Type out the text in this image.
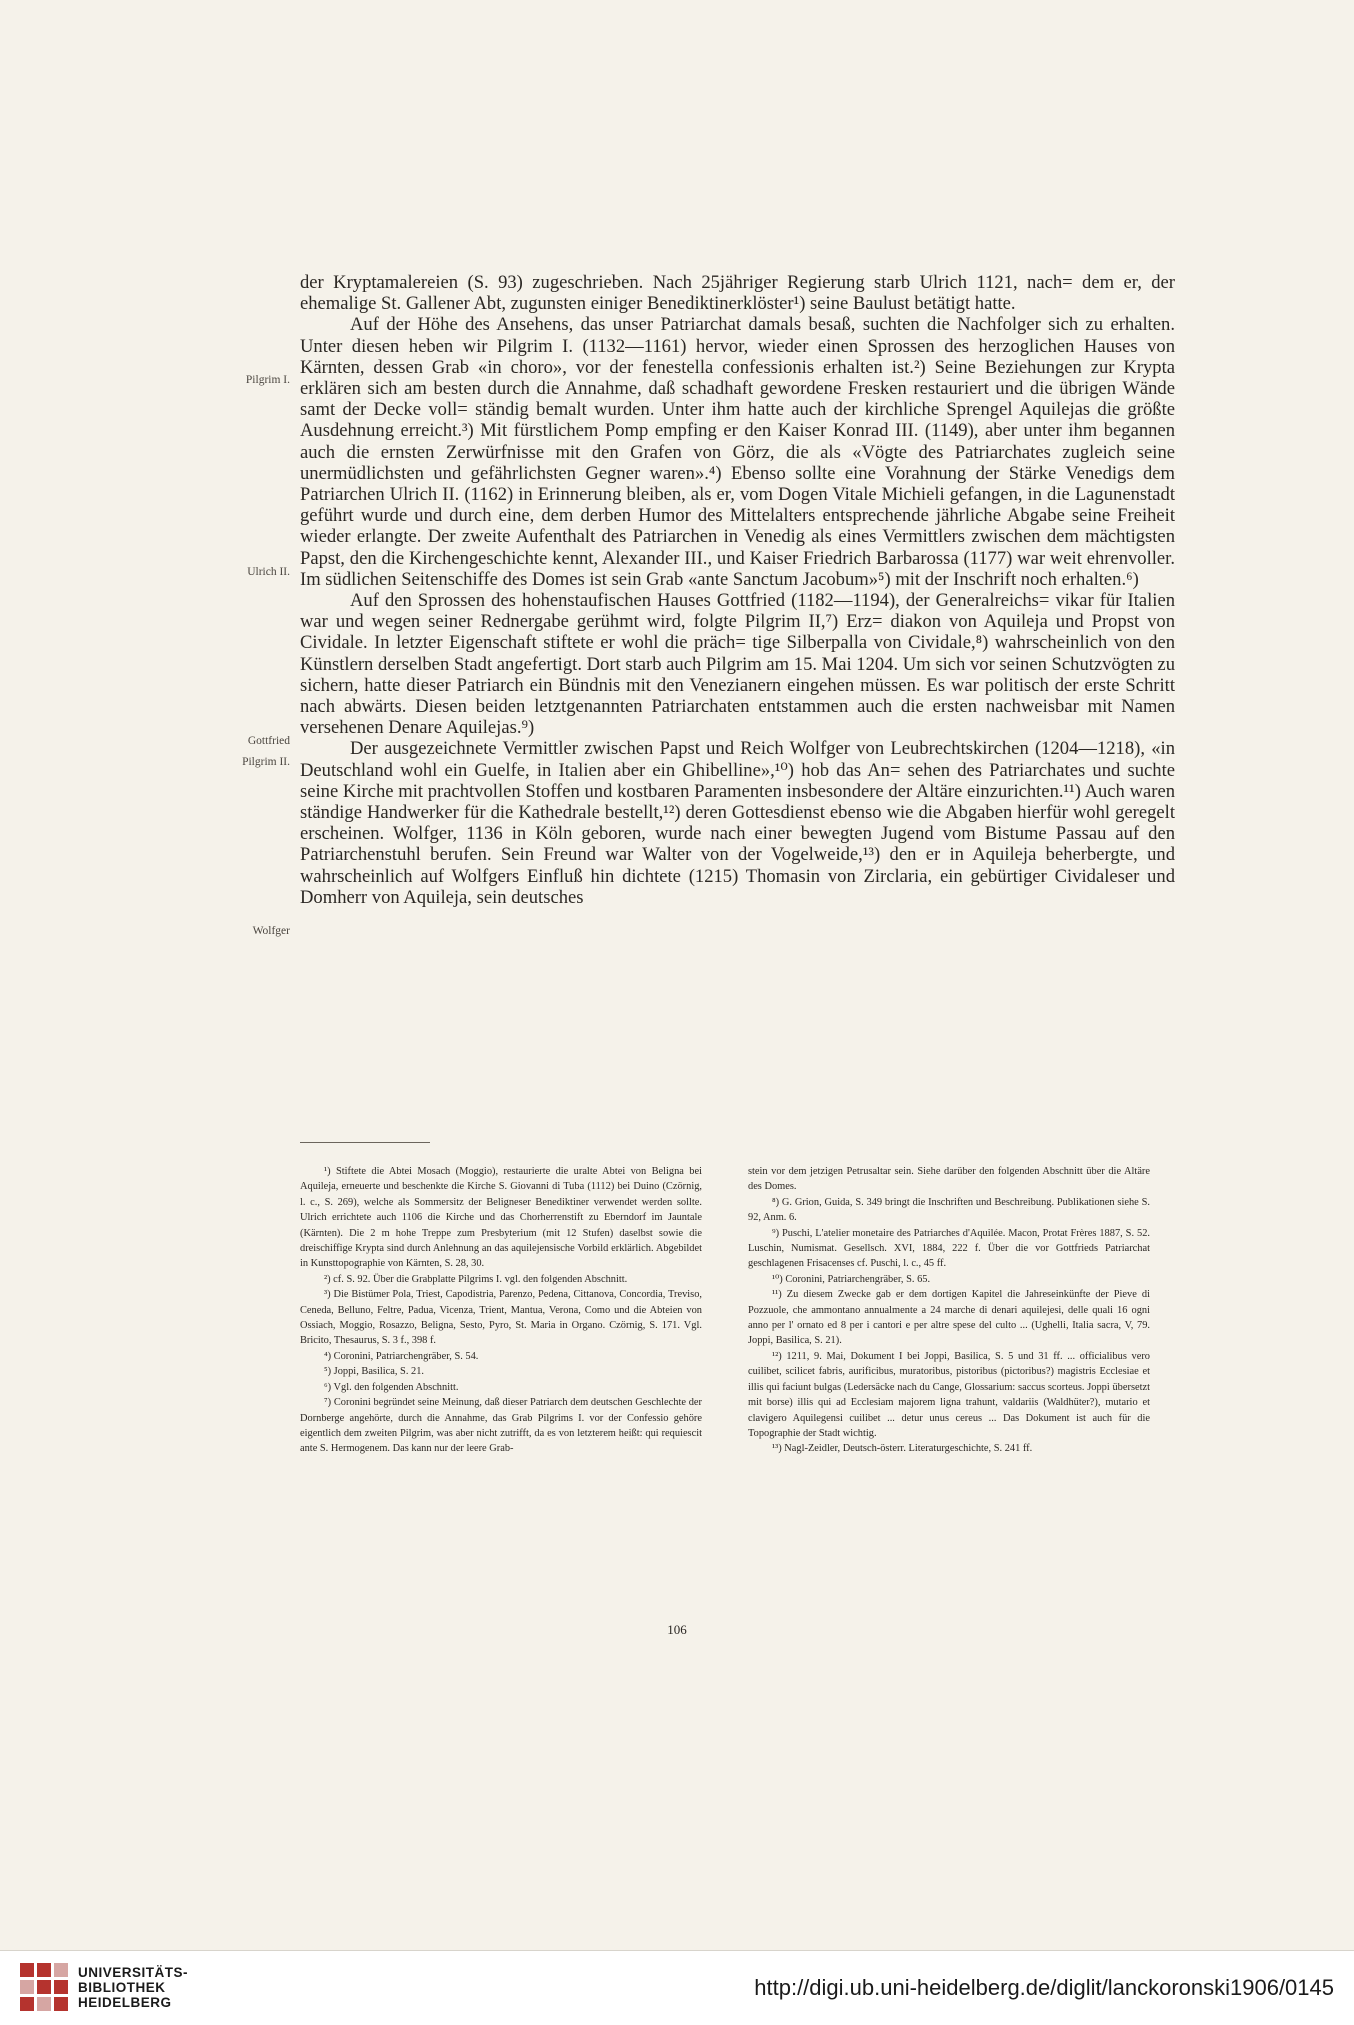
der Kryptamalereien (S. 93) zugeschrieben. Nach 25jähriger Regierung starb Ulrich 1121, nach= dem er, der ehemalige St. Gallener Abt, zugunsten einiger Benediktinerklöster¹) seine Baulust betätigt hatte.

Auf der Höhe des Ansehens, das unser Patriarchat damals besaß, suchten die Nachfolger sich zu erhalten. Unter diesen heben wir Pilgrim I. (1132—1161) hervor, wieder einen Sprossen des herzoglichen Hauses von Kärnten, dessen Grab «in choro», vor der fenestella confessionis erhalten ist.²) Seine Beziehungen zur Krypta erklären sich am besten durch die Annahme, daß schadhaft gewordene Fresken restauriert und die übrigen Wände samt der Decke voll= ständig bemalt wurden. Unter ihm hatte auch der kirchliche Sprengel Aquilejas die größte Ausdehnung erreicht.³) Mit fürstlichem Pomp empfing er den Kaiser Konrad III. (1149), aber unter ihm begannen auch die ernsten Zerwürfnisse mit den Grafen von Görz, die als «Vögte des Patriarchates zugleich seine unermüdlichsten und gefährlichsten Gegner waren».⁴) Ebenso sollte eine Vorahnung der Stärke Venedigs dem Patriarchen Ulrich II. (1162) in Erinnerung bleiben, als er, vom Dogen Vitale Michieli gefangen, in die Lagunenstadt geführt wurde und durch eine, dem derben Humor des Mittelalters entsprechende jährliche Abgabe seine Freiheit wieder erlangte. Der zweite Aufenthalt des Patriarchen in Venedig als eines Vermittlers zwischen dem mächtigsten Papst, den die Kirchengeschichte kennt, Alexander III., und Kaiser Friedrich Barbarossa (1177) war weit ehrenvoller. Im südlichen Seitenschiffe des Domes ist sein Grab «ante Sanctum Jacobum»⁵) mit der Inschrift noch erhalten.⁶)

Auf den Sprossen des hohenstaufischen Hauses Gottfried (1182—1194), der Generalreichs= vikar für Italien war und wegen seiner Rednergabe gerühmt wird, folgte Pilgrim II,⁷) Erz= diakon von Aquileja und Propst von Cividale. In letzter Eigenschaft stiftete er wohl die präch= tige Silberpalla von Cividale,⁸) wahrscheinlich von den Künstlern derselben Stadt angefertigt. Dort starb auch Pilgrim am 15. Mai 1204. Um sich vor seinen Schutzvögten zu sichern, hatte dieser Patriarch ein Bündnis mit den Venezianern eingehen müssen. Es war politisch der erste Schritt nach abwärts. Diesen beiden letztgenannten Patriarchaten entstammen auch die ersten nachweisbar mit Namen versehenen Denare Aquilejas.⁹)

Der ausgezeichnete Vermittler zwischen Papst und Reich Wolfger von Leubrechtskirchen (1204—1218), «in Deutschland wohl ein Guelfe, in Italien aber ein Ghibelline»,¹⁰) hob das An= sehen des Patriarchates und suchte seine Kirche mit prachtvollen Stoffen und kostbaren Paramenten insbesondere der Altäre einzurichten.¹¹) Auch waren ständige Handwerker für die Kathedrale bestellt,¹²) deren Gottesdienst ebenso wie die Abgaben hierfür wohl geregelt erscheinen. Wolfger, 1136 in Köln geboren, wurde nach einer bewegten Jugend vom Bistume Passau auf den Patriarchenstuhl berufen. Sein Freund war Walter von der Vogelweide,¹³) den er in Aquileja beherbergte, und wahrscheinlich auf Wolfgers Einfluß hin dichtete (1215) Thomasin von Zirclaria, ein gebürtiger Cividaleser und Domherr von Aquileja, sein deutsches

Pilgrim I.
Ulrich II.
Gottfried
Pilgrim II.
Wolfger

¹) Stiftete die Abtei Mosach (Moggio), restaurierte die uralte Abtei von Beligna bei Aquileja, erneuerte und beschenkte die Kirche S. Giovanni di Tuba (1112) bei Duino (Czörnig, l. c., S. 269), welche als Sommersitz der Beligneser Benediktiner verwendet werden sollte. Ulrich errichtete auch 1106 die Kirche und das Chorherrenstift zu Eberndorf im Jauntale (Kärnten). Die 2 m hohe Treppe zum Presbyterium (mit 12 Stufen) daselbst sowie die dreischiffige Krypta sind durch Anlehnung an das aquilejensische Vorbild erklärlich. Abgebildet in Kunsttopographie von Kärnten, S. 28, 30.

²) cf. S. 92. Über die Grabplatte Pilgrims I. vgl. den folgenden Abschnitt.

³) Die Bistümer Pola, Triest, Capodistria, Parenzo, Pedena, Cittanova, Concordia, Treviso, Ceneda, Belluno, Feltre, Padua, Vicenza, Trient, Mantua, Verona, Como und die Abteien von Ossiach, Moggio, Rosazzo, Beligna, Sesto, Pyro, St. Maria in Organo. Czörnig, S. 171. Vgl. Bricito, Thesaurus, S. 3 f., 398 f.

⁴) Coronini, Patriarchengräber, S. 54.

⁵) Joppi, Basilica, S. 21.

⁶) Vgl. den folgenden Abschnitt.

⁷) Coronini begründet seine Meinung, daß dieser Patriarch dem deutschen Geschlechte der Dornberge angehörte, durch die Annahme, das Grab Pilgrims I. vor der Confessio gehöre eigentlich dem zweiten Pilgrim, was aber nicht zutrifft, da es von letzterem heißt: qui requiescit ante S. Hermogenem. Das kann nur der leere Grab-

stein vor dem jetzigen Petrusaltar sein. Siehe darüber den folgenden Abschnitt über die Altäre des Domes.

⁸) G. Grion, Guida, S. 349 bringt die Inschriften und Beschreibung. Publikationen siehe S. 92, Anm. 6.

⁹) Puschi, L'atelier monetaire des Patriarches d'Aquilée. Macon, Protat Frères 1887, S. 52. Luschin, Numismat. Gesellsch. XVI, 1884, 222 f. Über die vor Gottfrieds Patriarchat geschlagenen Frisacenses cf. Puschi, l. c., 45 ff.

¹⁰) Coronini, Patriarchengräber, S. 65.

¹¹) Zu diesem Zwecke gab er dem dortigen Kapitel die Jahreseinkünfte der Pieve di Pozzuole, che ammontano annualmente a 24 marche di denari aquilejesi, delle quali 16 ogni anno per l' ornato ed 8 per i cantori e per altre spese del culto ... (Ughelli, Italia sacra, V, 79. Joppi, Basilica, S. 21).

¹²) 1211, 9. Mai, Dokument I bei Joppi, Basilica, S. 5 und 31 ff. ... officialibus vero cuilibet, scilicet fabris, aurificibus, muratoribus, pistoribus (pictoribus?) magistris Ecclesiae et illis qui faciunt bulgas (Ledersäcke nach du Cange, Glossarium: saccus scorteus. Joppi übersetzt mit borse) illis qui ad Ecclesiam majorem ligna trahunt, valdariis (Waldhüter?), mutario et clavigero Aquilegensi cuilibet ... detur unus cereus ... Das Dokument ist auch für die Topographie der Stadt wichtig.

¹³) Nagl-Zeidler, Deutsch-österr. Literaturgeschichte, S. 241 ff.

106
UNIVERSITÄTS-
BIBLIOTHEK
HEIDELBERG
http://digi.ub.uni-heidelberg.de/diglit/lanckoronski1906/0145
